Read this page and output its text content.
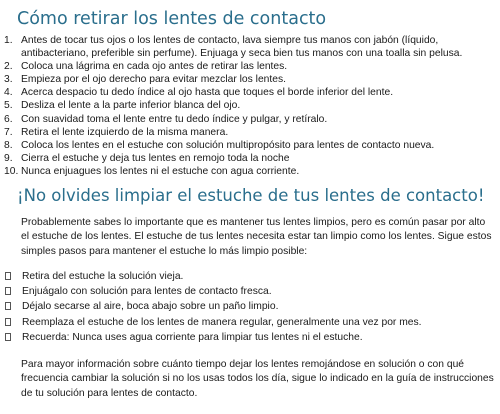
Cómo retirar los lentes de contacto
1. Antes de tocar tus ojos o los lentes de contacto, lava siempre tus manos con jabón (líquido, antibacteriano, preferible sin perfume). Enjuaga y seca bien tus manos con una toalla sin pelusa.
2. Coloca una lágrima en cada ojo antes de retirar las lentes.
3. Empieza por el ojo derecho para evitar mezclar los lentes.
4. Acerca despacio tu dedo índice al ojo hasta que toques el borde inferior del lente.
5. Desliza el lente a la parte inferior blanca del ojo.
6. Con suavidad toma el lente entre tu dedo índice y pulgar, y retíralo.
7. Retira el lente izquierdo de la misma manera.
8. Coloca los lentes en el estuche con solución multipropósito para lentes de contacto nueva.
9. Cierra el estuche y deja tus lentes en remojo toda la noche
10. Nunca enjuagues los lentes ni el estuche con agua corriente.
¡No olvides limpiar el estuche de tus lentes de contacto!

Probablemente sabes lo importante que es mantener tus lentes limpios, pero es común pasar por alto el estuche de los lentes. El estuche de tus lentes necesita estar tan limpio como los lentes. Sigue estos simples pasos para mantener el estuche lo más limpio posible:

Retira del estuche la solución vieja.
Enjuágalo con solución para lentes de contacto fresca.
Déjalo secarse al aire, boca abajo sobre un paño limpio.
Reemplaza el estuche de los lentes de manera regular, generalmente una vez por mes.
Recuerda: Nunca uses agua corriente para limpiar tus lentes ni el estuche.

Para mayor información sobre cuánto tiempo dejar los lentes remojándose en solución o con qué frecuencia cambiar la solución si no los usas todos los día, sigue lo indicado en la guía de instrucciones de tu solución para lentes de contacto.
